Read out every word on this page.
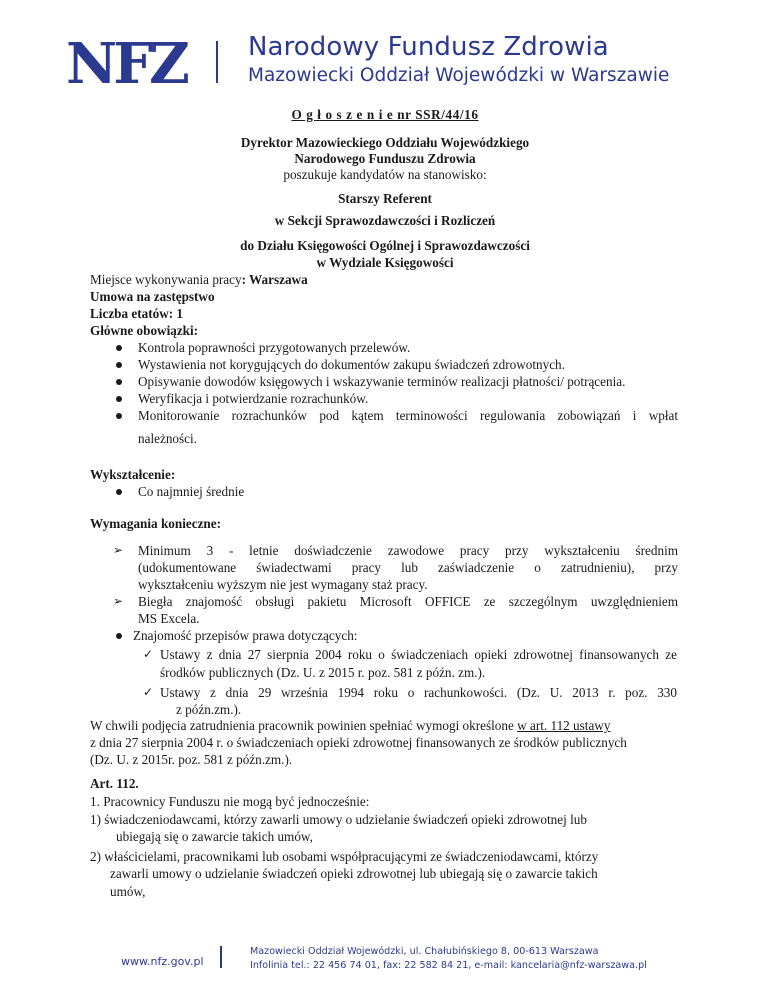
NFZ Narodowy Fundusz Zdrowia
Mazowiecki Oddział Wojewódzki w Warszawie
O g ł o s z e n i e nr SSR/44/16
Dyrektor Mazowieckiego Oddziału Wojewódzkiego
Narodowego Funduszu Zdrowia
poszukuje kandydatów na stanowisko:
Starszy Referent
w Sekcji Sprawozdawczości i Rozliczeń
do Działu Księgowości Ogólnej i Sprawozdawczości
w Wydziale Księgowości
Miejsce wykonywania pracy: Warszawa
Umowa na zastępstwo
Liczba etatów: 1
Główne obowiązki:
Kontrola poprawności przygotowanych przelewów.
Wystawienia not korygujących do dokumentów zakupu świadczeń zdrowotnych.
Opisywanie dowodów księgowych i wskazywanie terminów realizacji płatności/ potrącenia.
Weryfikacja i potwierdzanie rozrachunków.
Monitorowanie rozrachunków pod kątem terminowości regulowania zobowiązań i wpłat
należności.
Wykształcenie:
Co najmniej średnie
Wymagania konieczne:
➢ Minimum 3 - letnie doświadczenie zawodowe pracy przy wykształceniu średnim
(udokumentowane świadectwami pracy lub zaświadczenie o zatrudnieniu), przy
wykształceniu wyższym nie jest wymagany staż pracy.
➢ Biegła znajomość obsługi pakietu Microsoft OFFICE ze szczególnym uwzględnieniem
MS Excela.
Znajomość przepisów prawa dotyczących:
✓ Ustawy z dnia 27 sierpnia 2004 roku o świadczeniach opieki zdrowotnej finansowanych ze
środków publicznych (Dz. U. z 2015 r. poz. 581 z późn. zm.).
✓ Ustawy z dnia 29 września 1994 roku o rachunkowości. (Dz. U. 2013 r. poz. 330
z późn.zm.).
W chwili podjęcia zatrudnienia pracownik powinien spełniać wymogi określone w art. 112 ustawy
z dnia 27 sierpnia 2004 r. o świadczeniach opieki zdrowotnej finansowanych ze środków publicznych
(Dz. U. z 2015r. poz. 581 z późn.zm.).
Art. 112.
1. Pracownicy Funduszu nie mogą być jednocześnie:
1) świadczeniodawcami, którzy zawarli umowy o udzielanie świadczeń opieki zdrowotnej lub
ubiegają się o zawarcie takich umów,
2) właścicielami, pracownikami lub osobami współpracującymi ze świadczeniodawcami, którzy
zawarli umowy o udzielanie świadczeń opieki zdrowotnej lub ubiegają się o zawarcie takich
umów,
www.nfz.gov.pl
Mazowiecki Oddział Wojewódzki, ul. Chałubińskiego 8, 00-613 Warszawa
Infolinia tel.: 22 456 74 01, fax: 22 582 84 21, e-mail: kancelaria@nfz-warszawa.pl
